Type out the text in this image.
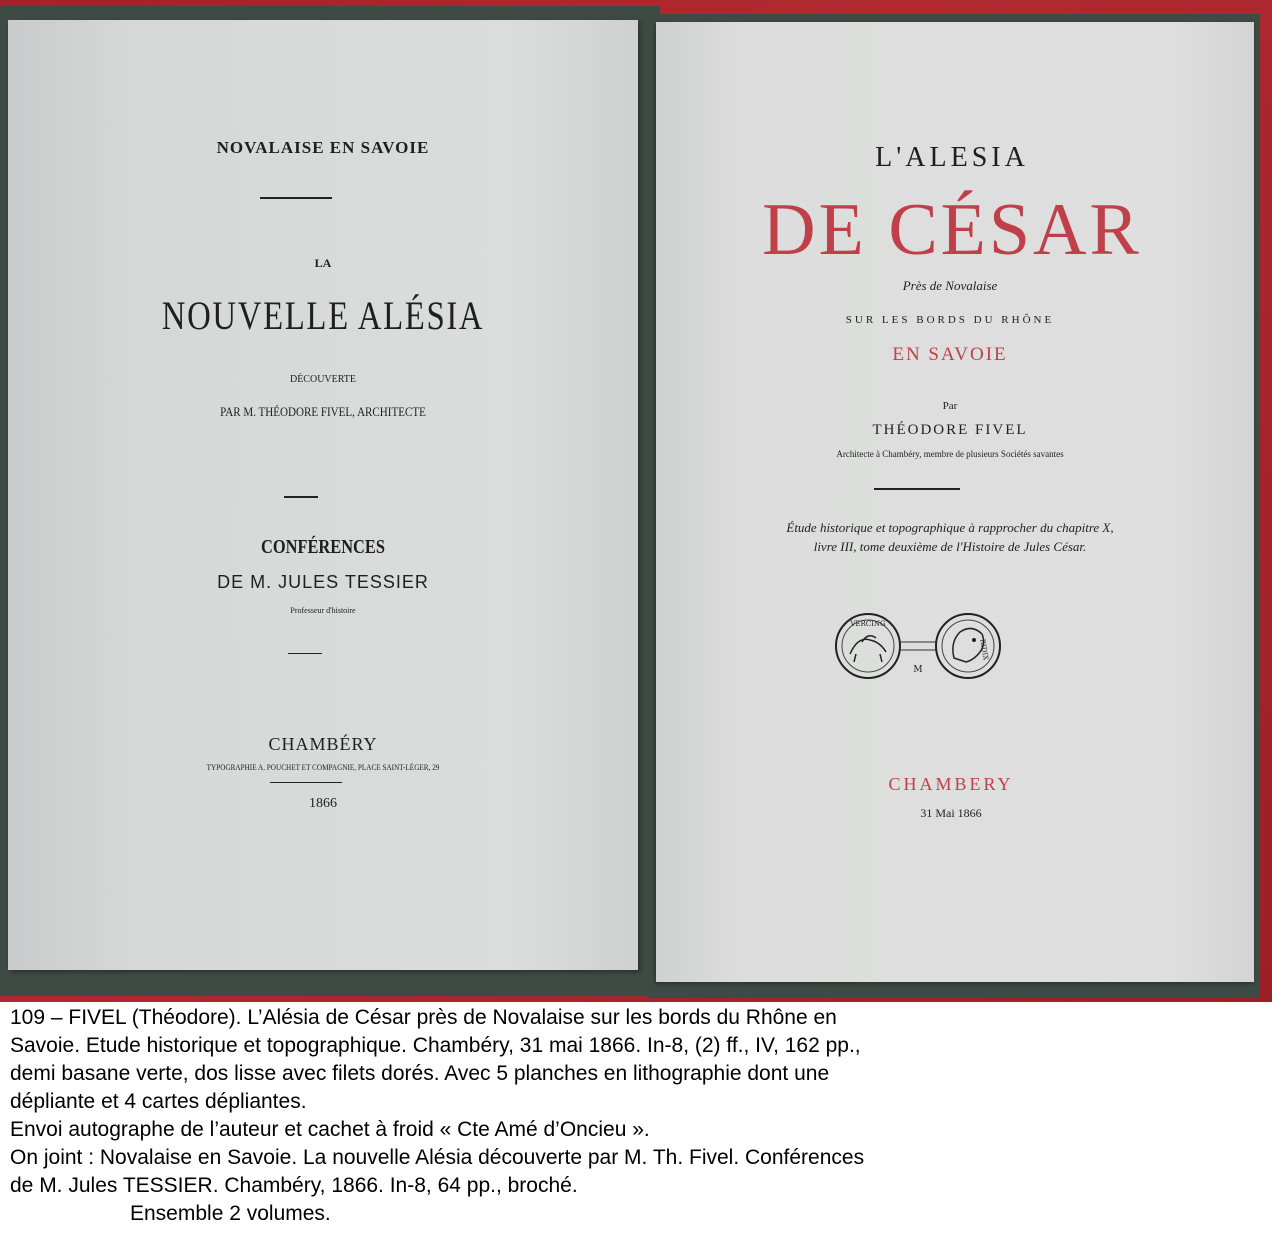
NOVALAISE EN SAVOIE
LA
NOUVELLE ALÉSIA
DÉCOUVERTE
PAR M. THÉODORE FIVEL, ARCHITECTE
CONFÉRENCES
DE M. JULES TESSIER
Professeur d'histoire
CHAMBÉRY
TYPOGRAPHIE A. POUCHET ET COMPAGNIE, PLACE SAINT-LÉGER, 29
1866
L'ALESIA
DE CÉSAR
Près de Novalaise
SUR LES BORDS DU RHÔNE
EN SAVOIE
Par
THÉODORE FIVEL
Architecte à Chambéry, membre de plusieurs Sociétés savantes
Étude historique et topographique à rapprocher du chapitre X,
livre III, tome deuxième de l'Histoire de Jules César.
VERCING
M
RIDIX
CHAMBERY
31 Mai 1866
109 – FIVEL (Théodore). L’Alésia de César près de Novalaise sur les bords du Rhône en
Savoie. Etude historique et topographique. Chambéry, 31 mai 1866. In-8, (2) ff., IV, 162 pp.,
demi basane verte, dos lisse avec filets dorés. Avec 5 planches en lithographie dont une
dépliante et 4 cartes dépliantes.
Envoi autographe de l’auteur et cachet à froid « Cte Amé d’Oncieu ».
On joint : Novalaise en Savoie. La nouvelle Alésia découverte par M. Th. Fivel. Conférences
de M. Jules TESSIER. Chambéry, 1866. In-8, 64 pp., broché.
Ensemble 2 volumes.
